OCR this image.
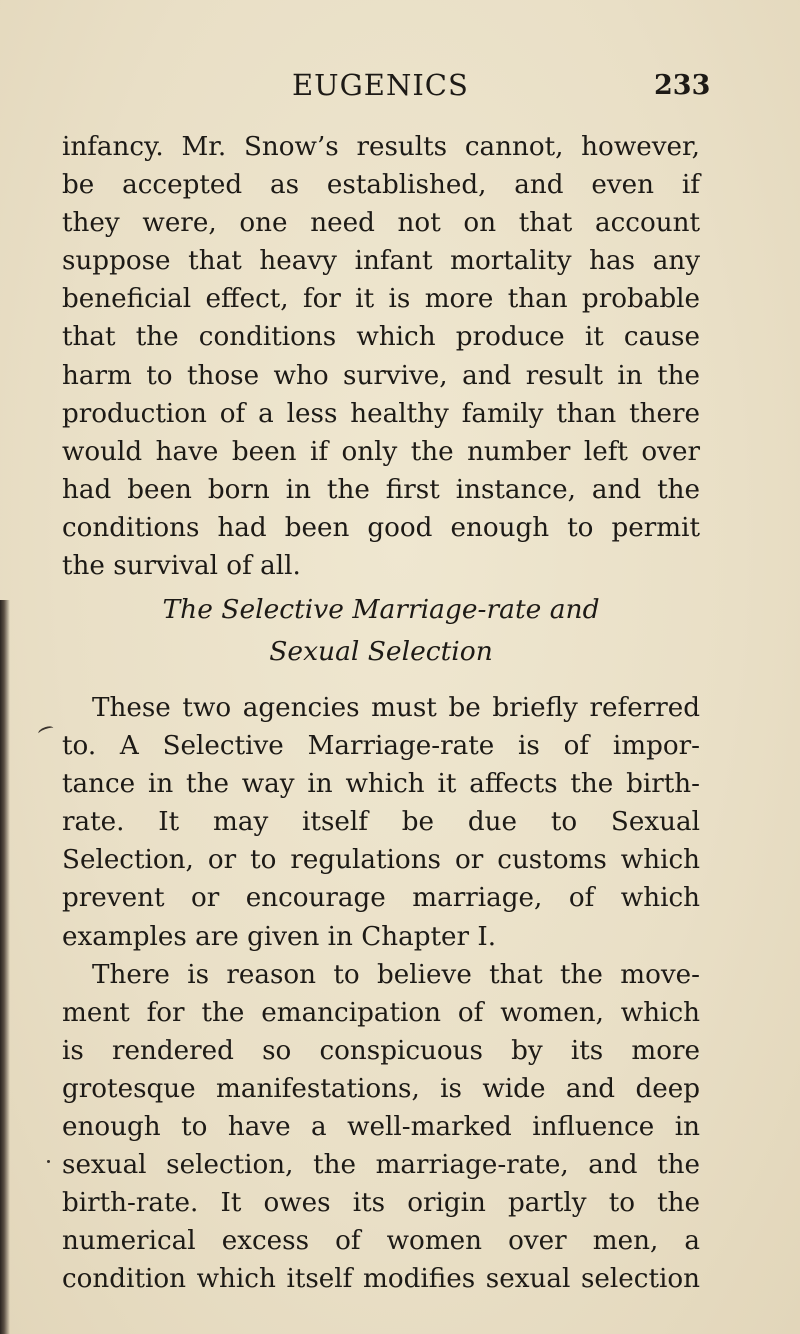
EUGENICS	233
infancy. Mr. Snow’s results cannot, however,
be accepted as established, and even if
they were, one need not on that account
suppose that heavy infant mortality has any
beneficial effect, for it is more than probable
that the conditions which produce it cause
harm to those who survive, and result in the
production of a less healthy family than there
would have been if only the number left over
had been born in the first instance, and the
conditions had been good enough to permit
the survival of all.
The Selective Marriage-rate and
Sexual Selection
These two agencies must be briefly referred
to. A Selective Marriage-rate is of impor-
tance in the way in which it affects the birth-
rate. It may itself be due to Sexual
Selection, or to regulations or customs which
prevent or encourage marriage, of which
examples are given in Chapter I.
There is reason to believe that the move-
ment for the emancipation of women, which
is rendered so conspicuous by its more
grotesque manifestations, is wide and deep
enough to have a well-marked influence in
sexual selection, the marriage-rate, and the
birth-rate. It owes its origin partly to the
numerical excess of women over men, a
condition which itself modifies sexual selection
